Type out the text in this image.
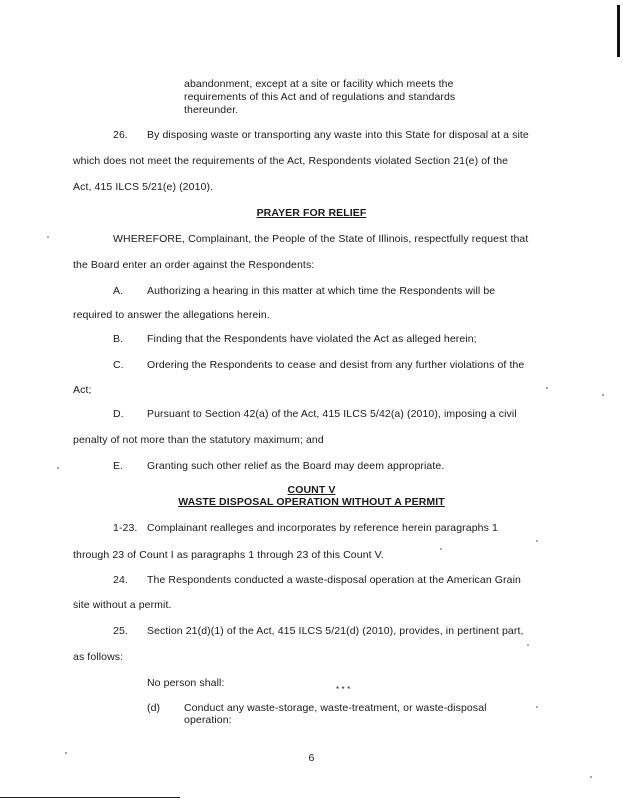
abandonment, except at a site or facility which meets the
requirements of this Act and of regulations and standards
thereunder.
26. By disposing waste or transporting any waste into this State for disposal at a site
which does not meet the requirements of the Act, Respondents violated Section 21(e) of the
Act, 415 ILCS 5/21(e) (2010).
PRAYER FOR RELIEF
WHEREFORE, Complainant, the People of the State of Illinois, respectfully request that
the Board enter an order against the Respondents:
A. Authorizing a hearing in this matter at which time the Respondents will be
required to answer the allegations herein.
B. Finding that the Respondents have violated the Act as alleged herein;
C. Ordering the Respondents to cease and desist from any further violations of the
Act;
D. Pursuant to Section 42(a) of the Act, 415 ILCS 5/42(a) (2010), imposing a civil
penalty of not more than the statutory maximum; and
E. Granting such other relief as the Board may deem appropriate.
COUNT V
WASTE DISPOSAL OPERATION WITHOUT A PERMIT
1-23. Complainant realleges and incorporates by reference herein paragraphs 1
through 23 of Count I as paragraphs 1 through 23 of this Count V.
24. The Respondents conducted a waste-disposal operation at the American Grain
site without a permit.
25. Section 21(d)(1) of the Act, 415 ILCS 5/21(d) (2010), provides, in pertinent part,
as follows:
No person shall:
* * *
(d) Conduct any waste-storage, waste-treatment, or waste-disposal
operation:
6
